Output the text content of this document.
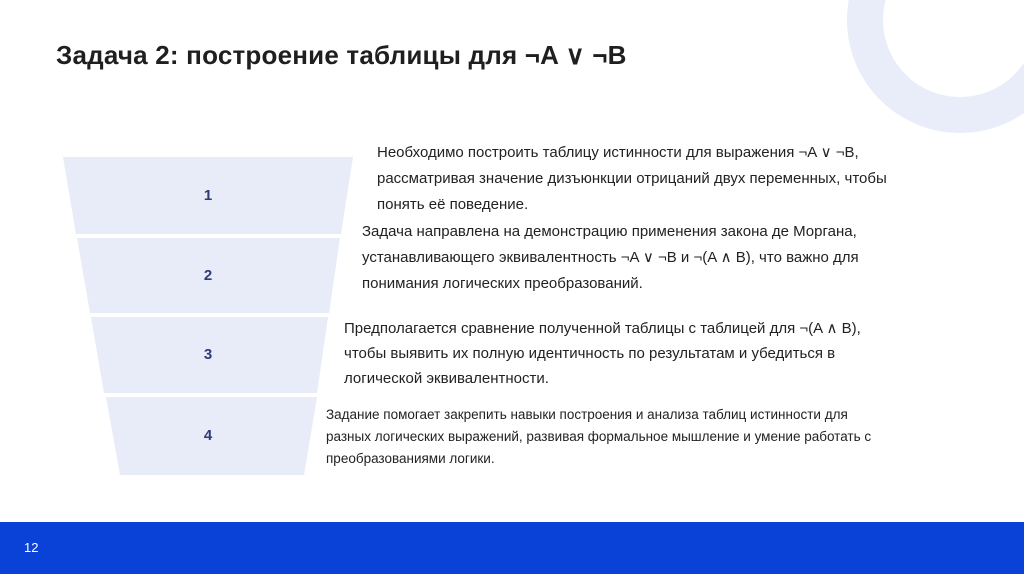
Задача 2: построение таблицы для ¬A ∨ ¬B
1
2
3
4
Необходимо построить таблицу истинности для выражения ¬A ∨ ¬B, рассматривая значение дизъюнкции отрицаний двух переменных, чтобы понять её поведение.
Задача направлена на демонстрацию применения закона де Моргана, устанавливающего эквивалентность ¬A ∨ ¬B и ¬(A ∧ B), что важно для понимания логических преобразований.
Предполагается сравнение полученной таблицы с таблицей для ¬(A ∧ B), чтобы выявить их полную идентичность по результатам и убедиться в логической эквивалентности.
Задание помогает закрепить навыки построения и анализа таблиц истинности для разных логических выражений, развивая формальное мышление и умение работать с преобразованиями логики.
12
